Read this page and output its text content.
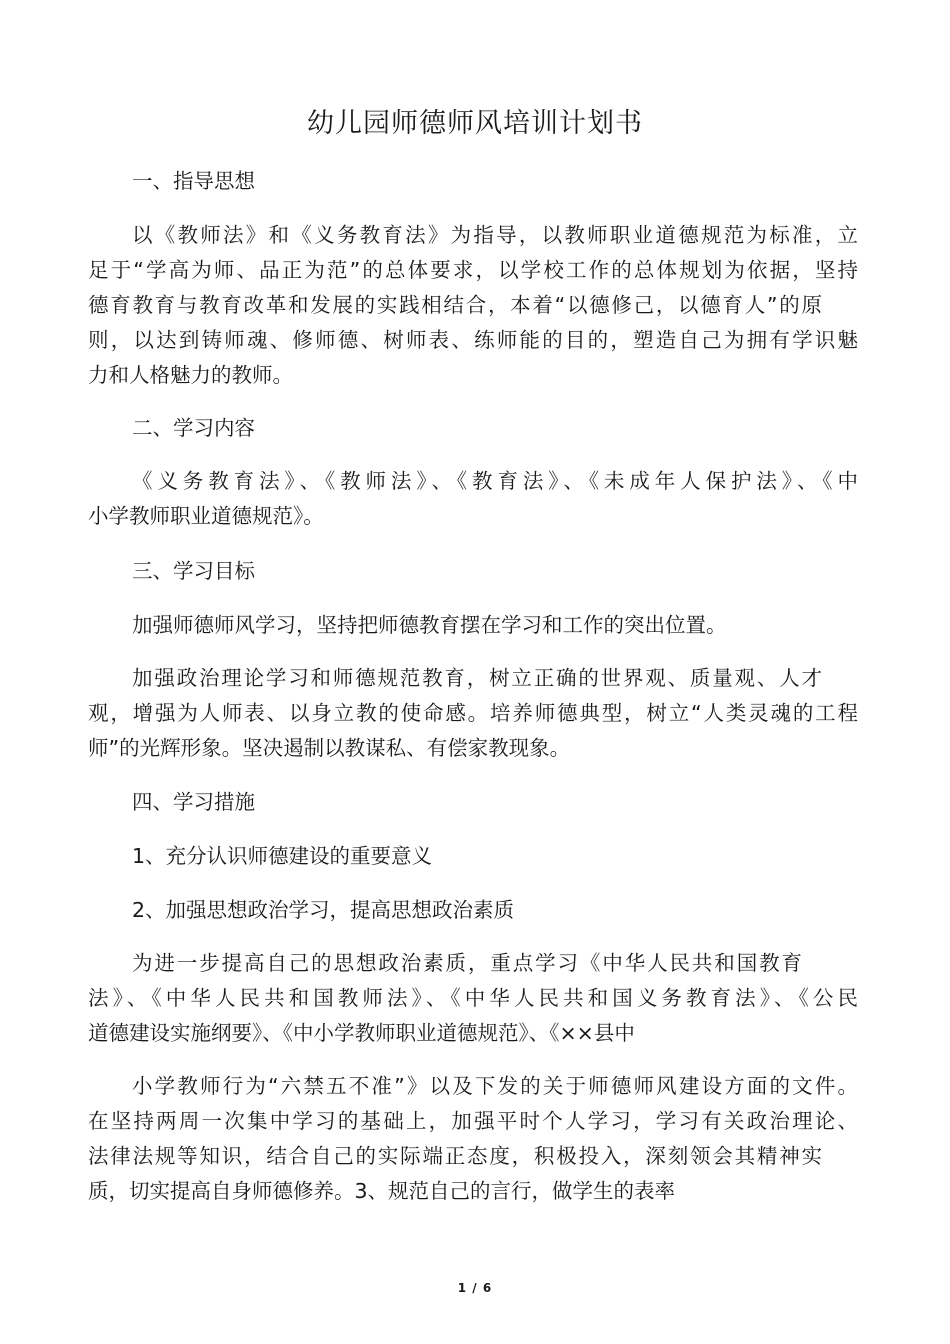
幼儿园师德师风培训计划书
一、指导思想
以《教师法》和《义务教育法》为指导，以教师职业道德规范为标准，立
足于“学高为师、品正为范”的总体要求，以学校工作的总体规划为依据，坚持
德育教育与教育改革和发展的实践相结合，本着“以德修己，以德育人”的原
则，以达到铸师魂、修师德、树师表、练师能的目的，塑造自己为拥有学识魅
力和人格魅力的教师。
二、学习内容
《义务教育法》、《教师法》、《教育法》、《未成年人保护法》、《中
小学教师职业道德规范》。
三、学习目标
加强师德师风学习，坚持把师德教育摆在学习和工作的突出位置。
加强政治理论学习和师德规范教育，树立正确的世界观、质量观、人才
观，增强为人师表、以身立教的使命感。培养师德典型，树立“人类灵魂的工程
师”的光辉形象。坚决遏制以教谋私、有偿家教现象。
四、学习措施
1、充分认识师德建设的重要意义
2、加强思想政治学习，提高思想政治素质
为进一步提高自己的思想政治素质，重点学习《中华人民共和国教育
法》、《中华人民共和国教师法》、《中华人民共和国义务教育法》、《公民
道德建设实施纲要》、《中小学教师职业道德规范》、《××县中
小学教师行为“六禁五不准”》以及下发的关于师德师风建设方面的文件。
在坚持两周一次集中学习的基础上，加强平时个人学习，学习有关政治理论、
法律法规等知识，结合自己的实际端正态度，积极投入，深刻领会其精神实
质，切实提高自身师德修养。3、规范自己的言行，做学生的表率
1 / 6
